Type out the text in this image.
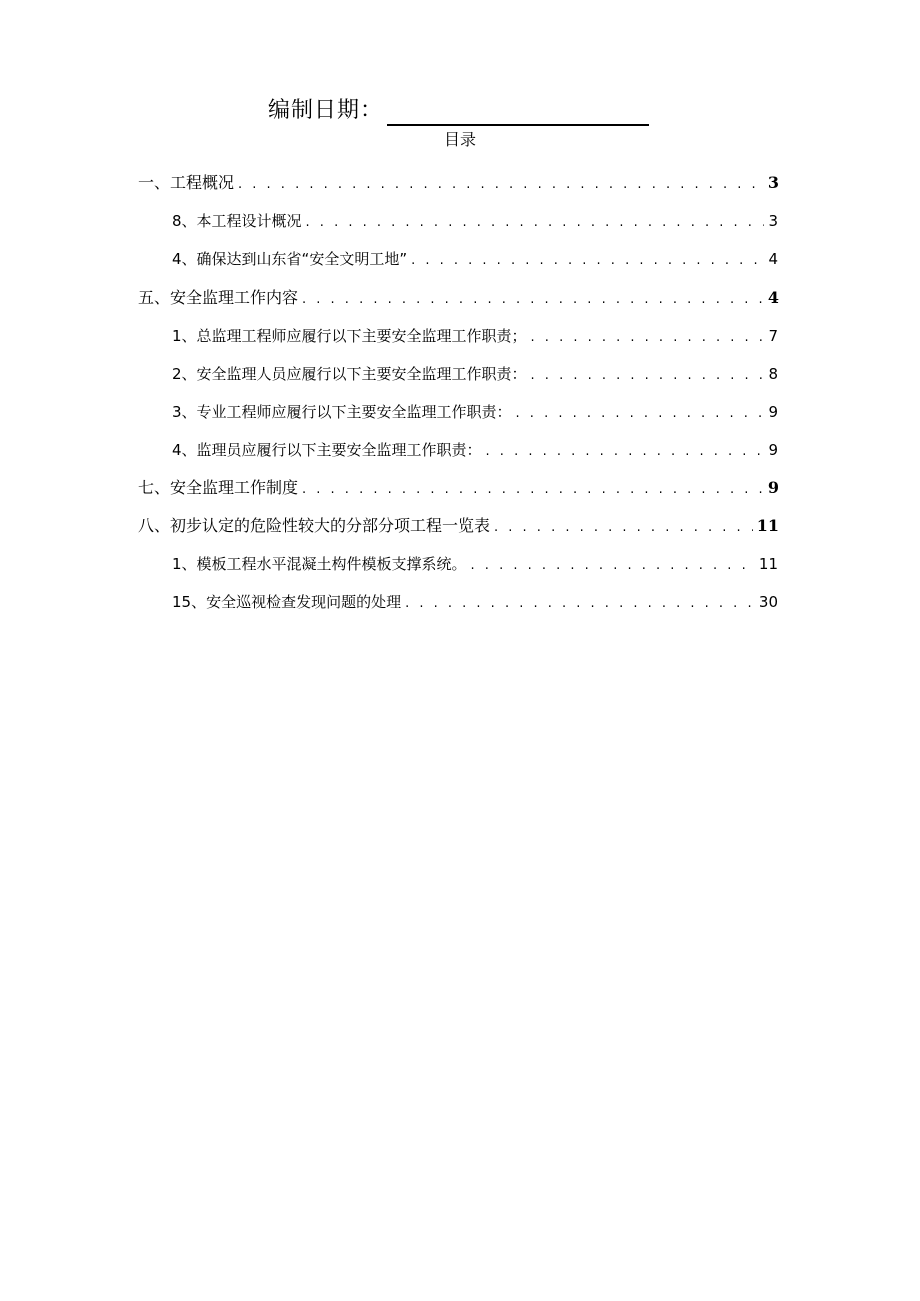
编制日期：
目录
一、工程概况 . . .	3
8、本工程设计概况 . . .	3
4、确保达到山东省“安全文明工地” . . .	4
五、安全监理工作内容 . . .	4
1、总监理工程师应履行以下主要安全监理工作职责； . . .	7
2、安全监理人员应履行以下主要安全监理工作职责： . . .	8
3、专业工程师应履行以下主要安全监理工作职责： . . .	9
4、监理员应履行以下主要安全监理工作职责： . . .	9
七、安全监理工作制度 . . .	9
八、初步认定的危险性较大的分部分项工程一览表 . . .	11
1、模板工程水平混凝土构件模板支撑系统。 . . .	11
15、安全巡视检查发现问题的处理 . . .	30
